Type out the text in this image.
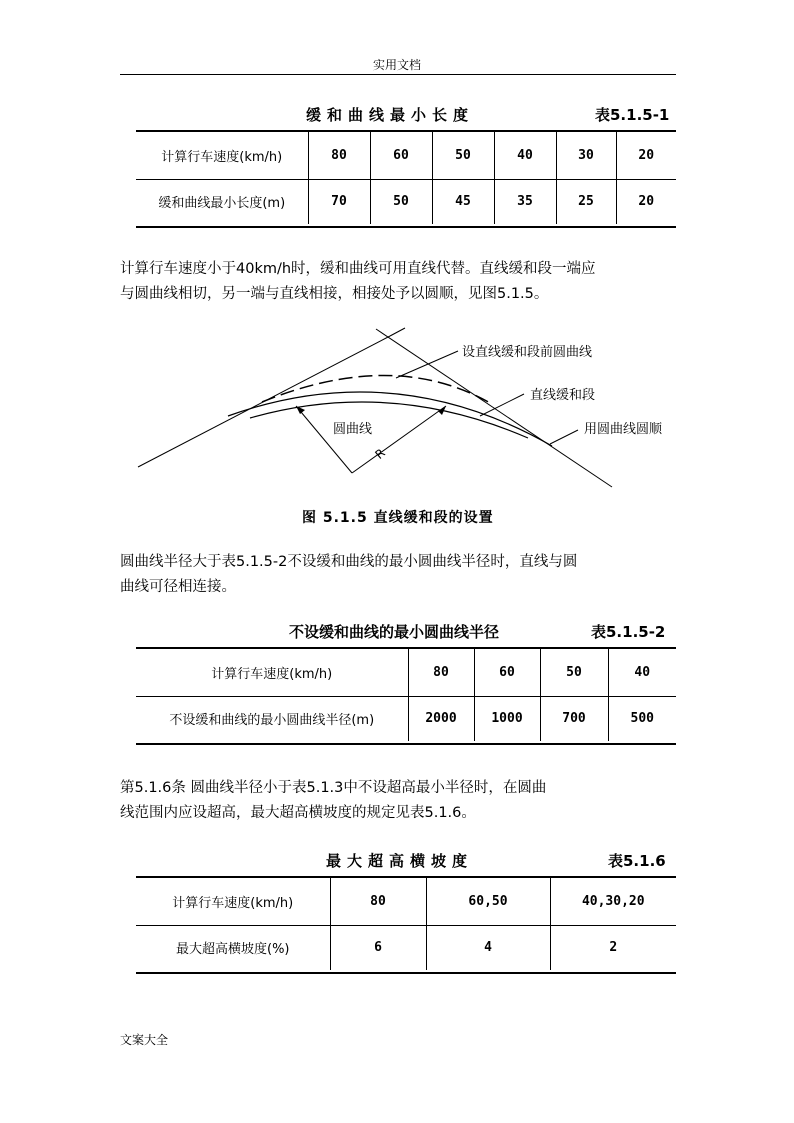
实用文档
缓和曲线最小长度	表5.1.5-1
计算行车速度(km/h)	80	60	50	40	30	20
缓和曲线最小长度(m)	70	50	45	35	25	20
计算行车速度小于40km/h时，缓和曲线可用直线代替。直线缓和段一端应
与圆曲线相切，另一端与直线相接，相接处予以圆顺，见图5.1.5。
设直线缓和段前圆曲线
直线缓和段
用圆曲线圆顺
圆曲线
R
图 5.1.5 直线缓和段的设置
圆曲线半径大于表5.1.5-2不设缓和曲线的最小圆曲线半径时，直线与圆
曲线可径相连接。
不设缓和曲线的最小圆曲线半径	表5.1.5-2
计算行车速度(km/h)	80	60	50	40
不设缓和曲线的最小圆曲线半径(m)	2000	1000	700	500
第5.1.6条 圆曲线半径小于表5.1.3中不设超高最小半径时，在圆曲
线范围内应设超高，最大超高横坡度的规定见表5.1.6。
最大超高横坡度	表5.1.6
计算行车速度(km/h)	80	60,50	40,30,20
最大超高横坡度(%)	6	4	2
文案大全
